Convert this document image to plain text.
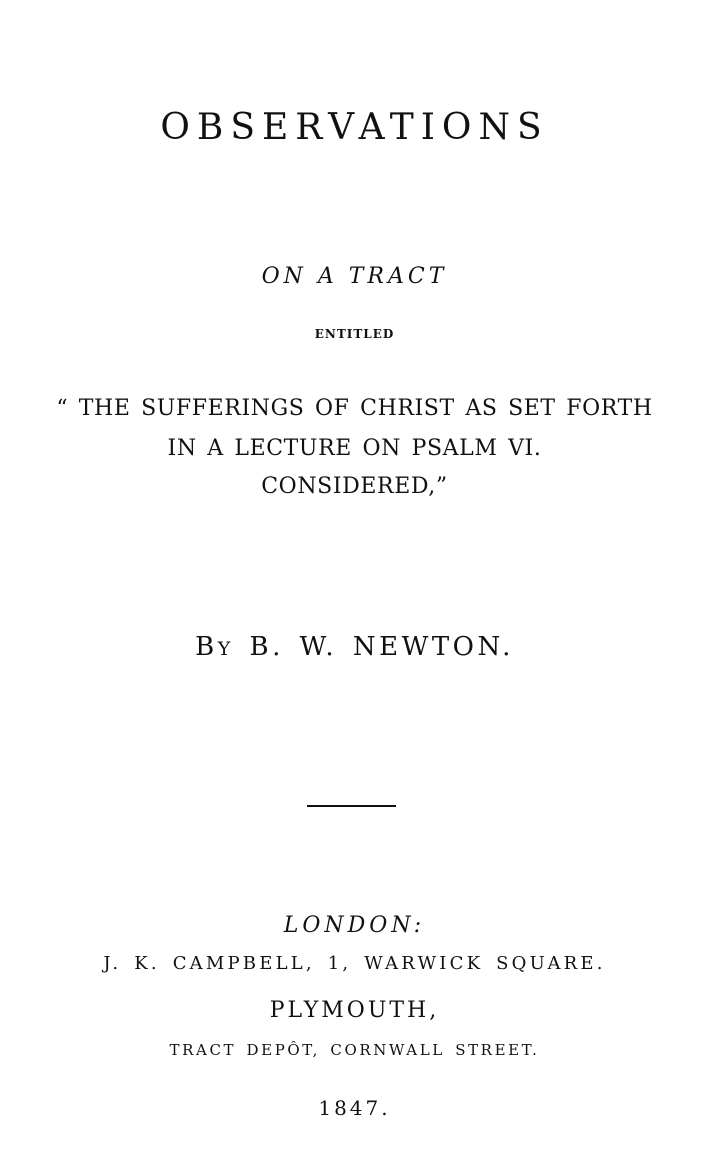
OBSERVATIONS

ON A TRACT

ENTITLED

“ THE SUFFERINGS OF CHRIST AS SET FORTH

IN A LECTURE ON PSALM VI.

CONSIDERED,”

BY B. W. NEWTON.

LONDON:

J. K. CAMPBELL, 1, WARWICK SQUARE.

PLYMOUTH,

TRACT DEPÔT, CORNWALL STREET.

1847.
